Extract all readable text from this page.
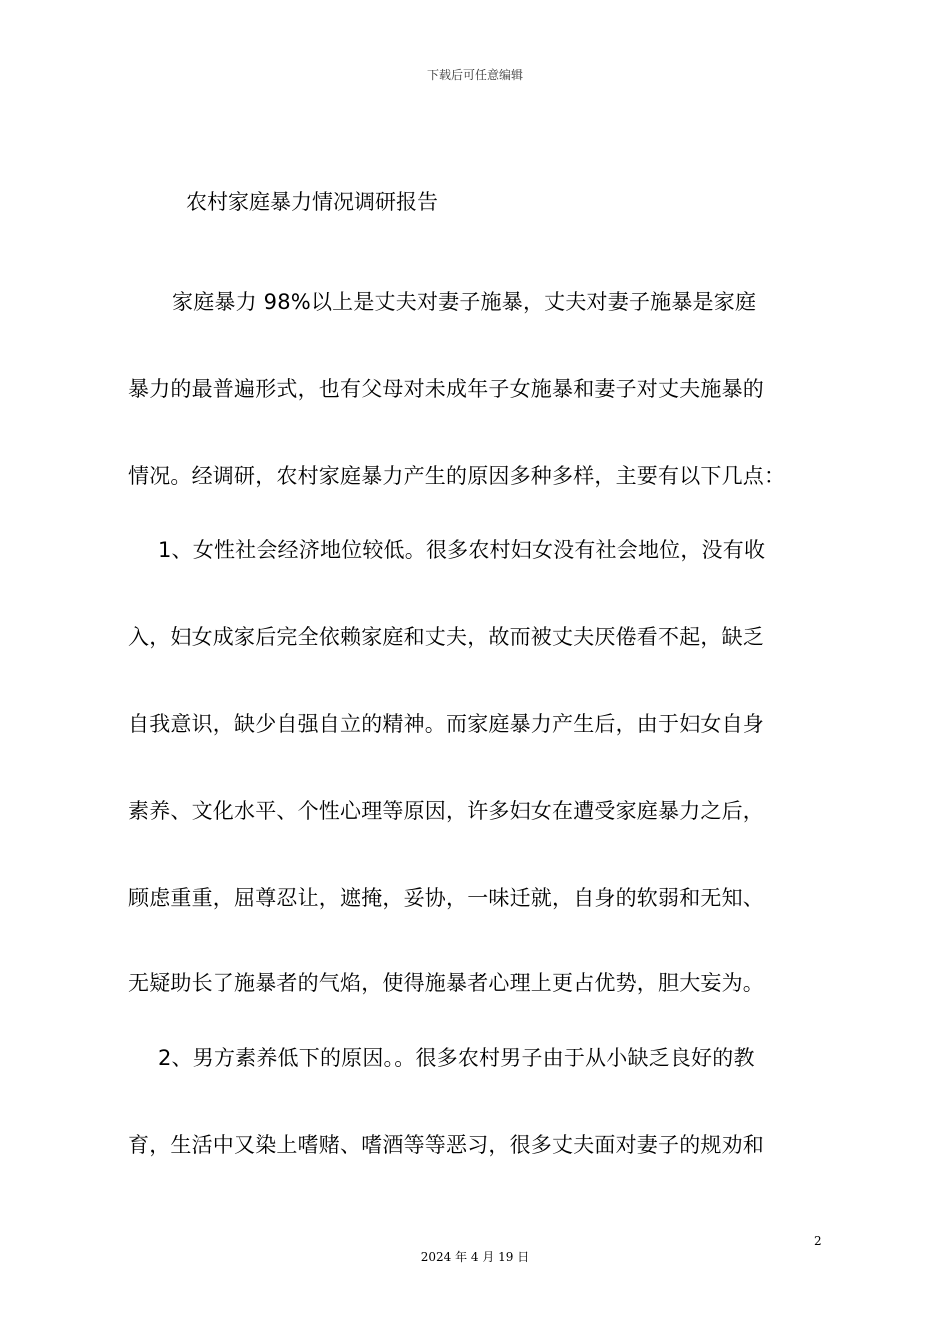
下载后可任意编辑
农村家庭暴力情况调研报告
家庭暴力 98%以上是丈夫对妻子施暴，丈夫对妻子施暴是家庭
暴力的最普遍形式，也有父母对未成年子女施暴和妻子对丈夫施暴的
情况。经调研，农村家庭暴力产生的原因多种多样，主要有以下几点：
1、女性社会经济地位较低。很多农村妇女没有社会地位，没有收
入，妇女成家后完全依赖家庭和丈夫，故而被丈夫厌倦看不起，缺乏
自我意识，缺少自强自立的精神。而家庭暴力产生后，由于妇女自身
素养、文化水平、个性心理等原因，许多妇女在遭受家庭暴力之后，
顾虑重重，屈尊忍让，遮掩，妥协，一味迁就，自身的软弱和无知、
无疑助长了施暴者的气焰，使得施暴者心理上更占优势，胆大妄为。
2、男方素养低下的原因。。很多农村男子由于从小缺乏良好的教
育，生活中又染上嗜赌、嗜酒等等恶习，很多丈夫面对妻子的规劝和
2
2024 年 4 月 19 日
